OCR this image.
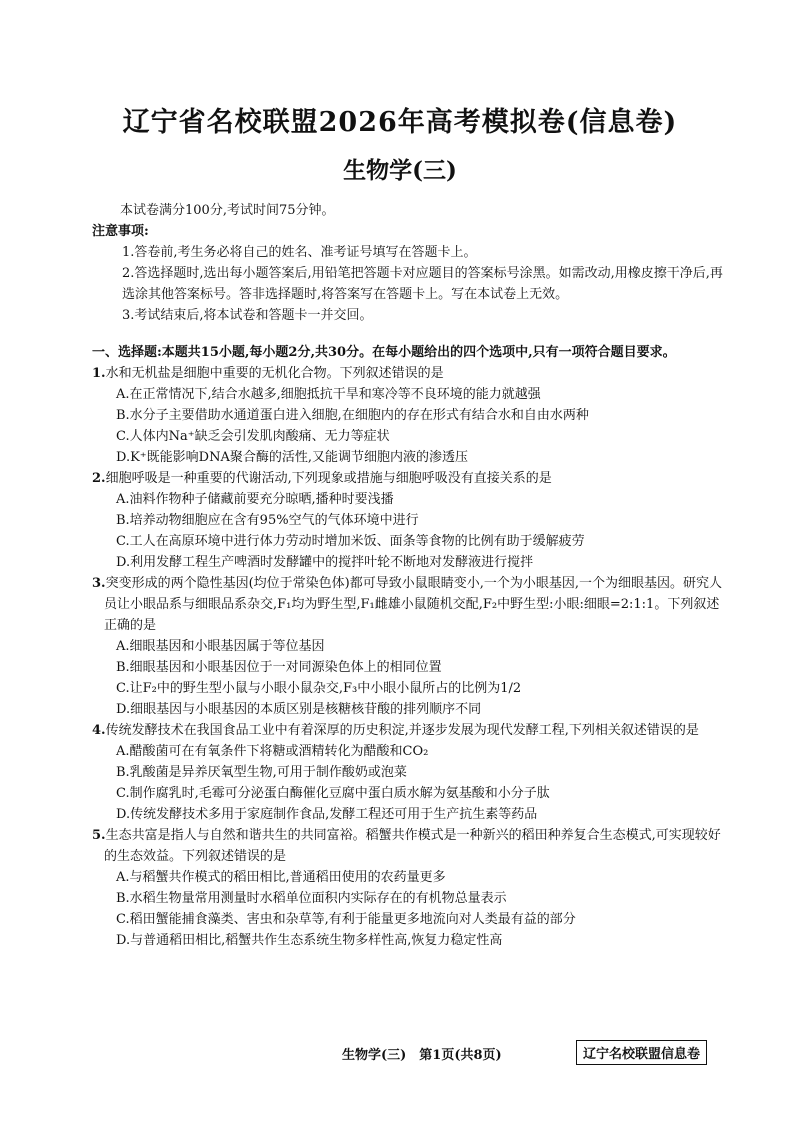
辽宁省名校联盟2026年高考模拟卷(信息卷)
生物学(三)

本试卷满分100分,考试时间75分钟。

注意事项:

1.答卷前,考生务必将自己的姓名、准考证号填写在答题卡上。

2.答选择题时,选出每小题答案后,用铅笔把答题卡对应题目的答案标号涂黑。如需改动,用橡皮擦干净后,再选涂其他答案标号。答非选择题时,将答案写在答题卡上。写在本试卷上无效。

3.考试结束后,将本试卷和答题卡一并交回。

一、选择题:本题共15小题,每小题2分,共30分。在每小题给出的四个选项中,只有一项符合题目要求。

1.水和无机盐是细胞中重要的无机化合物。下列叙述错误的是

A.在正常情况下,结合水越多,细胞抵抗干旱和寒冷等不良环境的能力就越强

B.水分子主要借助水通道蛋白进入细胞,在细胞内的存在形式有结合水和自由水两种

C.人体内Na⁺缺乏会引发肌肉酸痛、无力等症状

D.K⁺既能影响DNA聚合酶的活性,又能调节细胞内液的渗透压

2.细胞呼吸是一种重要的代谢活动,下列现象或措施与细胞呼吸没有直接关系的是

A.油料作物种子储藏前要充分晾晒,播种时要浅播

B.培养动物细胞应在含有95%空气的气体环境中进行

C.工人在高原环境中进行体力劳动时增加米饭、面条等食物的比例有助于缓解疲劳

D.利用发酵工程生产啤酒时发酵罐中的搅拌叶轮不断地对发酵液进行搅拌

3.突变形成的两个隐性基因(均位于常染色体)都可导致小鼠眼睛变小,一个为小眼基因,一个为细眼基因。研究人员让小眼品系与细眼品系杂交,F₁均为野生型,F₁雌雄小鼠随机交配,F₂中野生型:小眼:细眼=2:1:1。下列叙述正确的是

A.细眼基因和小眼基因属于等位基因

B.细眼基因和小眼基因位于一对同源染色体上的相同位置

C.让F₂中的野生型小鼠与小眼小鼠杂交,F₃中小眼小鼠所占的比例为1/2

D.细眼基因与小眼基因的本质区别是核糖核苷酸的排列顺序不同

4.传统发酵技术在我国食品工业中有着深厚的历史积淀,并逐步发展为现代发酵工程,下列相关叙述错误的是

A.醋酸菌可在有氧条件下将糖或酒精转化为醋酸和CO₂

B.乳酸菌是异养厌氧型生物,可用于制作酸奶或泡菜

C.制作腐乳时,毛霉可分泌蛋白酶催化豆腐中蛋白质水解为氨基酸和小分子肽

D.传统发酵技术多用于家庭制作食品,发酵工程还可用于生产抗生素等药品

5.生态共富是指人与自然和谐共生的共同富裕。稻蟹共作模式是一种新兴的稻田种养复合生态模式,可实现较好的生态效益。下列叙述错误的是

A.与稻蟹共作模式的稻田相比,普通稻田使用的农药量更多

B.水稻生物量常用测量时水稻单位面积内实际存在的有机物总量表示

C.稻田蟹能捕食藻类、害虫和杂草等,有利于能量更多地流向对人类最有益的部分

D.与普通稻田相比,稻蟹共作生态系统生物多样性高,恢复力稳定性高

生物学(三)　第1页(共8页)	辽宁名校联盟信息卷
